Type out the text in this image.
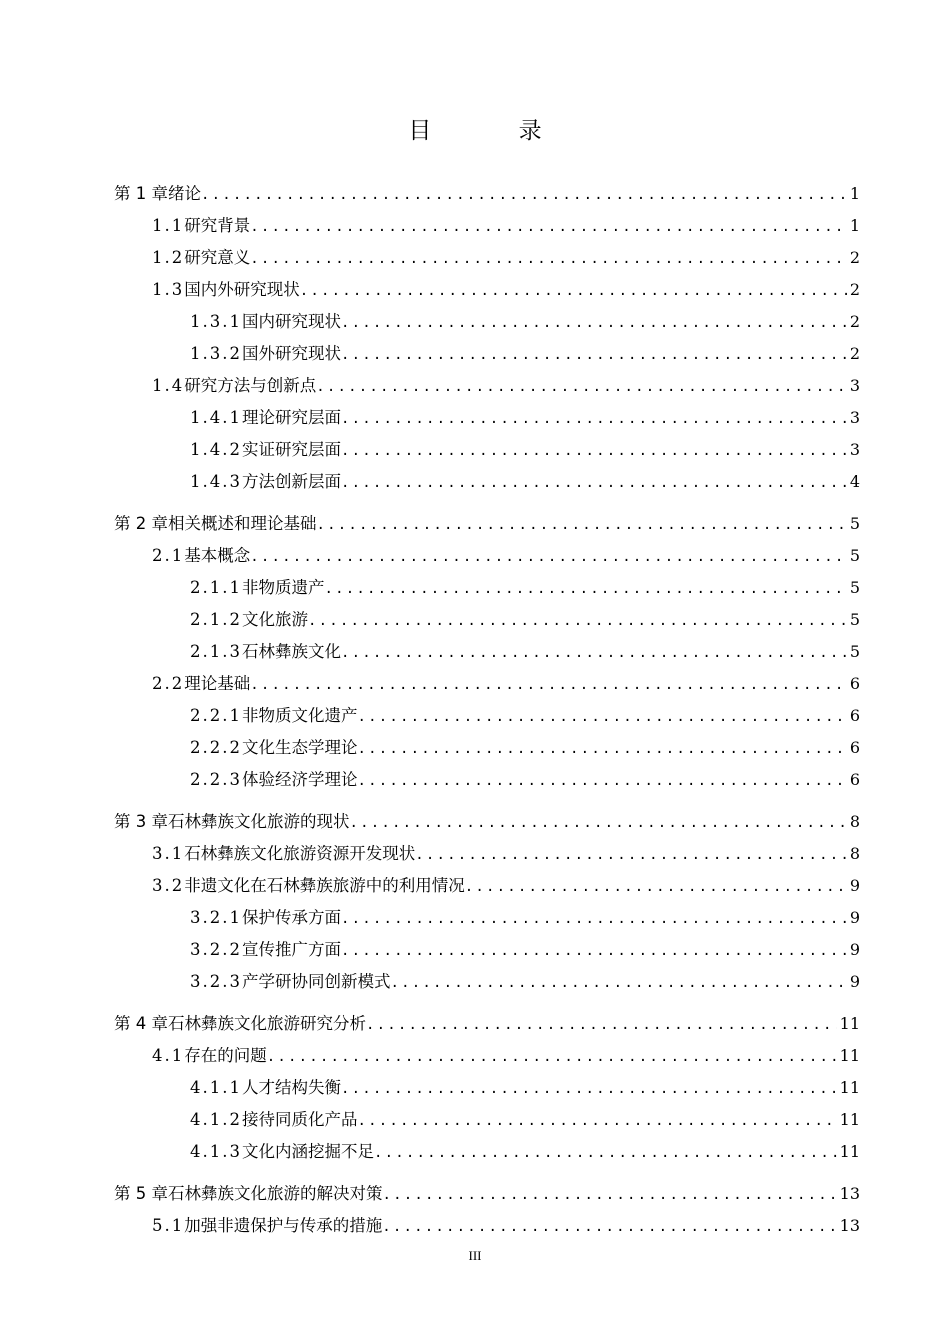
目 录
第 1 章 绪论 .....	1
1.1 研究背景 .....	1
1.2 研究意义 .....	2
1.3 国内外研究现状 .....	2
1.3.1 国内研究现状 .....	2
1.3.2 国外研究现状 .....	2
1.4 研究方法与创新点 .....	3
1.4.1 理论研究层面 .....	3
1.4.2 实证研究层面 .....	3
1.4.3 方法创新层面 .....	4
第 2 章 相关概述和理论基础 .....	5
2.1 基本概念 .....	5
2.1.1 非物质遗产 .....	5
2.1.2 文化旅游 .....	5
2.1.3 石林彝族文化 .....	5
2.2 理论基础 .....	6
2.2.1 非物质文化遗产 .....	6
2.2.2 文化生态学理论 .....	6
2.2.3 体验经济学理论 .....	6
第 3 章 石林彝族文化旅游的现状 .....	8
3.1 石林彝族文化旅游资源开发现状 .....	8
3.2 非遗文化在石林彝族旅游中的利用情况 .....	9
3.2.1 保护传承方面 .....	9
3.2.2 宣传推广方面 .....	9
3.2.3 产学研协同创新模式 .....	9
第 4 章 石林彝族文化旅游研究分析 .....	11
4.1 存在的问题 .....	11
4.1.1 人才结构失衡 .....	11
4.1.2 接待同质化产品 .....	11
4.1.3 文化内涵挖掘不足 .....	11
第 5 章 石林彝族文化旅游的解决对策 .....	13
5.1 加强非遗保护与传承的措施 .....	13
III
